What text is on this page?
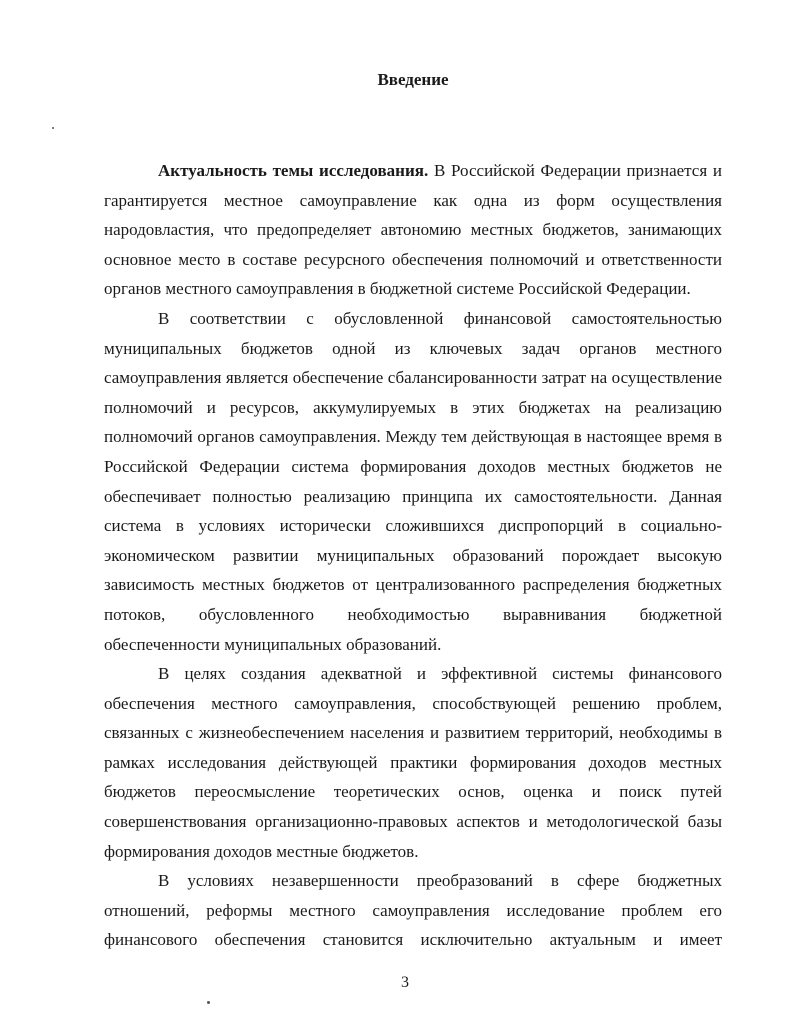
Введение

Актуальность темы исследования. В Российской Федерации признается и гарантируется местное самоуправление как одна из форм осуществления народовластия, что предопределяет автономию местных бюджетов, занимающих основное место в составе ресурсного обеспечения полномочий и ответственности органов местного самоуправления в бюджетной системе Российской Федерации.

В соответствии с обусловленной финансовой самостоятельностью муниципальных бюджетов одной из ключевых задач органов местного самоуправления является обеспечение сбалансированности затрат на осуществление полномочий и ресурсов, аккумулируемых в этих бюджетах на реализацию полномочий органов самоуправления. Между тем действующая в настоящее время в Российской Федерации система формирования доходов местных бюджетов не обеспечивает полностью реализацию принципа их самостоятельности. Данная система в условиях исторически сложившихся диспропорций в социально-экономическом развитии муниципальных образований порождает высокую зависимость местных бюджетов от централизованного распределения бюджетных потоков, обусловленного необходимостью выравнивания бюджетной обеспеченности муниципальных образований.

В целях создания адекватной и эффективной системы финансового обеспечения местного самоуправления, способствующей решению проблем, связанных с жизнеобеспечением населения и развитием территорий, необходимы в рамках исследования действующей практики формирования доходов местных бюджетов переосмысление теоретических основ, оценка и поиск путей совершенствования организационно-правовых аспектов и методологической базы формирования доходов местные бюджетов.

В условиях незавершенности преобразований в сфере бюджетных отношений, реформы местного самоуправления исследование проблем его финансового обеспечения становится исключительно актуальным и имеет

3
